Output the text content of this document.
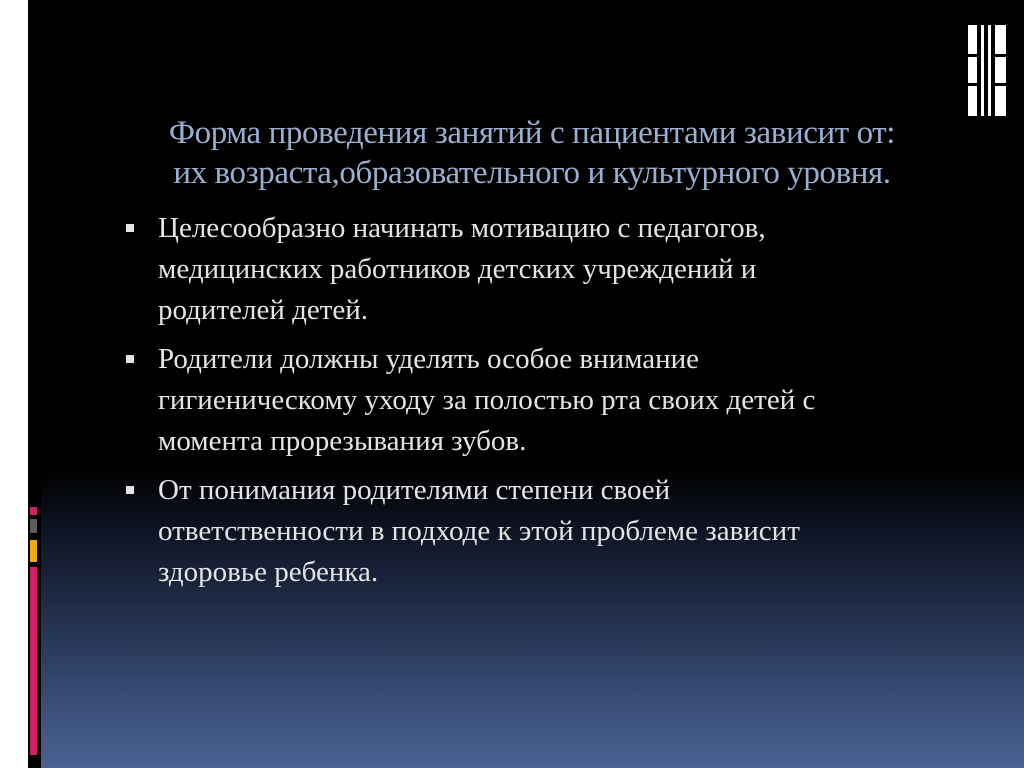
Форма проведения занятий с пациентами зависит от:
их возраста,образовательного и культурного уровня.
Целесообразно начинать мотивацию с педагогов,
медицинских работников детских учреждений и
родителей детей.
Родители должны уделять особое внимание
гигиеническому уходу за полостью рта своих детей с
момента прорезывания зубов.
От понимания родителями степени своей
ответственности в подходе к этой проблеме зависит
здоровье ребенка.
